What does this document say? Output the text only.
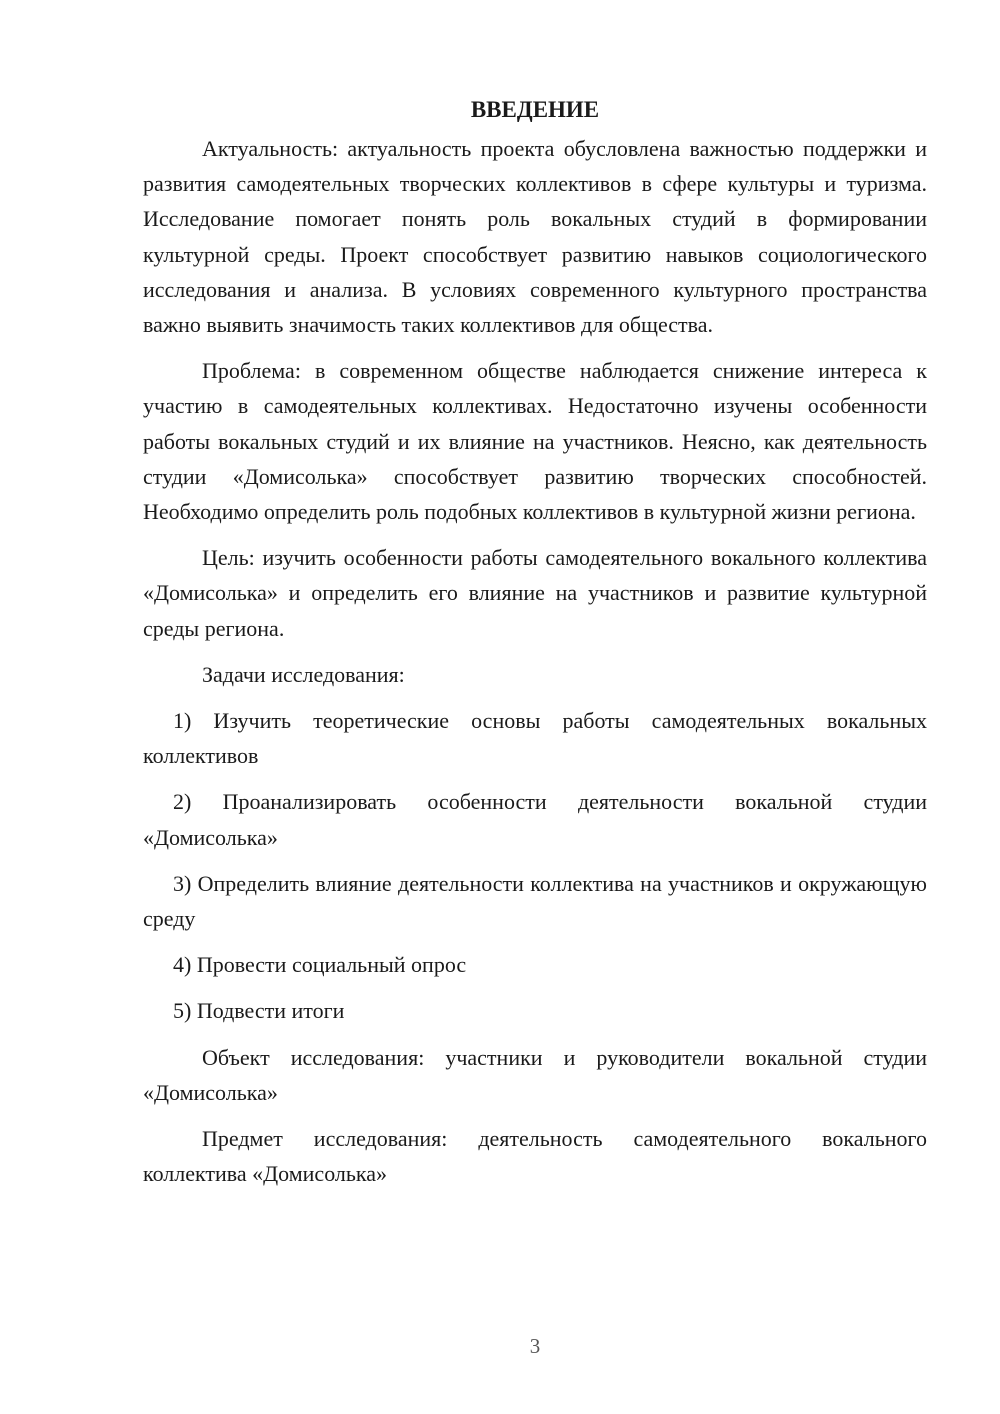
ВВЕДЕНИЕ

Актуальность: актуальность проекта обусловлена важностью поддержки и развития самодеятельных творческих коллективов в сфере культуры и туризма. Исследование помогает понять роль вокальных студий в формировании культурной среды. Проект способствует развитию навыков социологического исследования и анализа. В условиях современного культурного пространства важно выявить значимость таких коллективов для общества.

Проблема: в современном обществе наблюдается снижение интереса к участию в самодеятельных коллективах. Недостаточно изучены особенности работы вокальных студий и их влияние на участников. Неясно, как деятельность студии «Домисолька» способствует развитию творческих способностей. Необходимо определить роль подобных коллективов в культурной жизни региона.

Цель: изучить особенности работы самодеятельного вокального коллектива «Домисолька» и определить его влияние на участников и развитие культурной среды региона.

Задачи исследования:

1) Изучить теоретические основы работы самодеятельных вокальных коллективов

2) Проанализировать особенности деятельности вокальной студии «Домисолька»

3) Определить влияние деятельности коллектива на участников и окружающую среду

4) Провести социальный опрос

5) Подвести итоги

Объект исследования: участники и руководители вокальной студии «Домисолька»

Предмет исследования: деятельность самодеятельного вокального коллектива «Домисолька»

3
